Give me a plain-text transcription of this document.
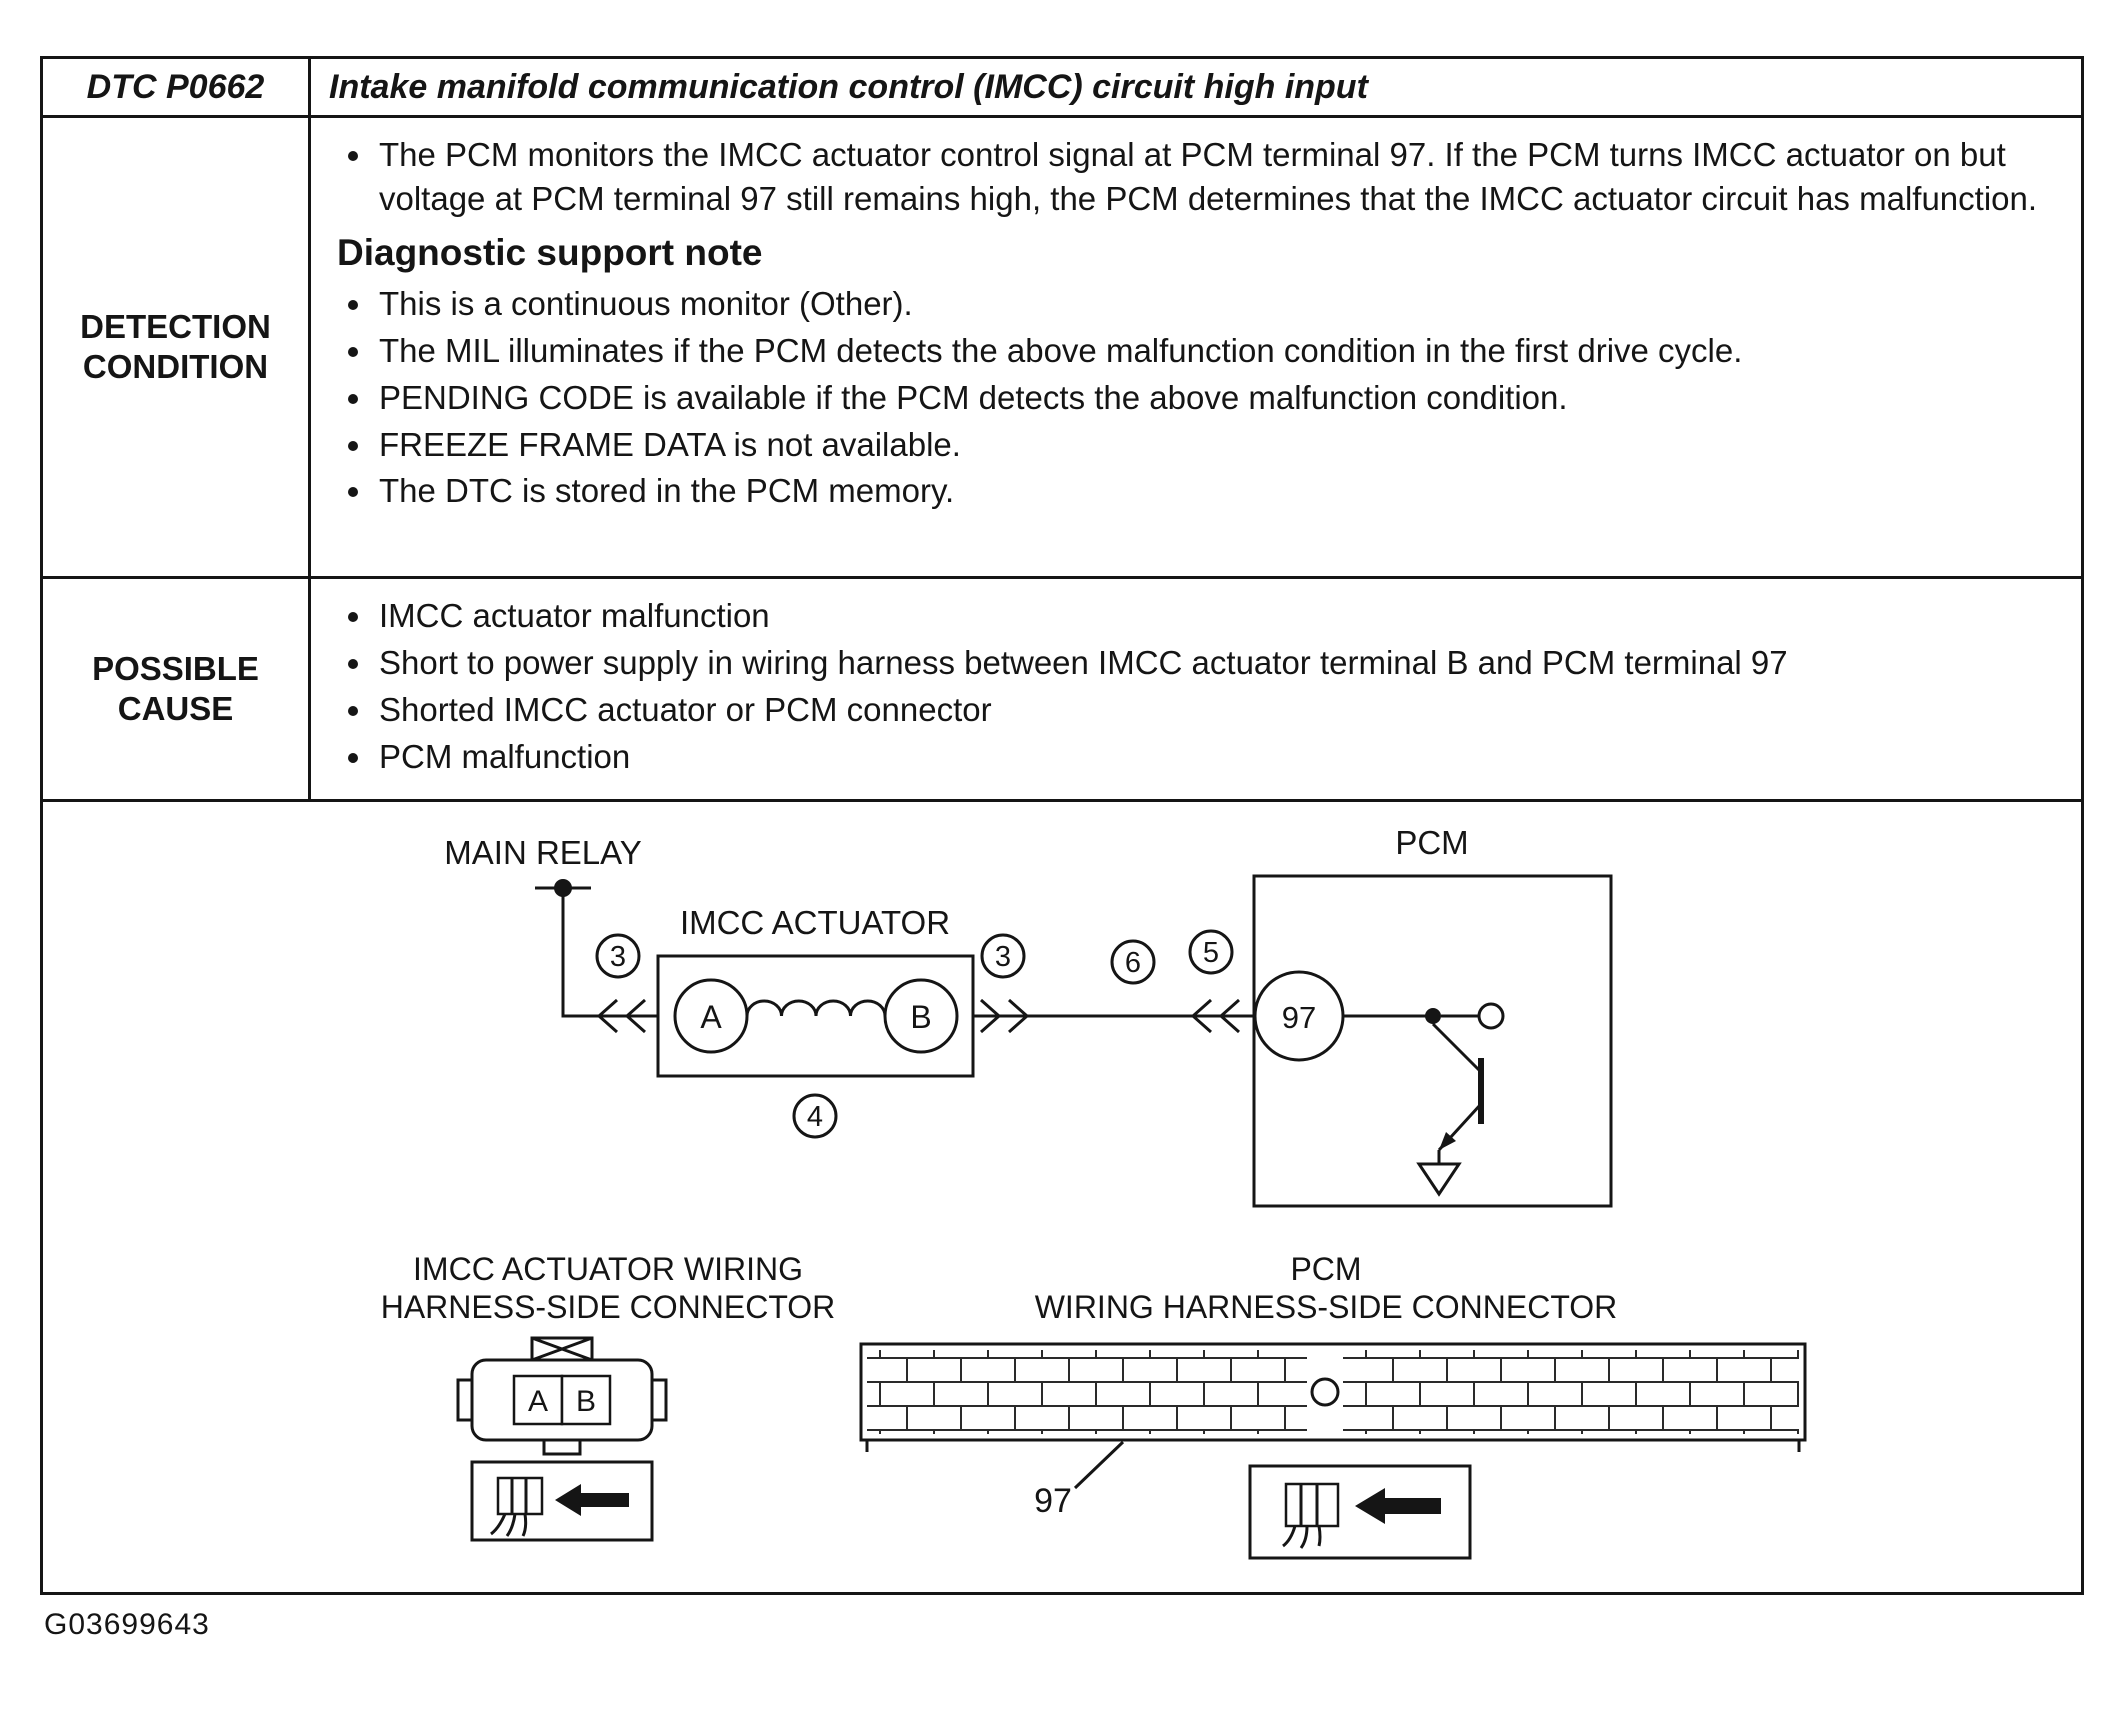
DTC P0662 Intake manifold communication control (IMCC) circuit high input
DETECTION CONDITION
• The PCM monitors the IMCC actuator control signal at PCM terminal 97. If the PCM turns IMCC actuator on but voltage at PCM terminal 97 still remains high, the PCM determines that the IMCC actuator circuit has malfunction.
Diagnostic support note
• This is a continuous monitor (Other).
• The MIL illuminates if the PCM detects the above malfunction condition in the first drive cycle.
• PENDING CODE is available if the PCM detects the above malfunction condition.
• FREEZE FRAME DATA is not available.
• The DTC is stored in the PCM memory.
POSSIBLE CAUSE
• IMCC actuator malfunction
• Short to power supply in wiring harness between IMCC actuator terminal B and PCM terminal 97
• Shorted IMCC actuator or PCM connector
• PCM malfunction
MAIN RELAY
3
IMCC ACTUATOR
A	B
4
3	6 5
PCM
97
IMCC ACTUATOR WIRING
HARNESS-SIDE CONNECTOR
PCM
WIRING HARNESS-SIDE CONNECTOR
A B
97
G03699643
